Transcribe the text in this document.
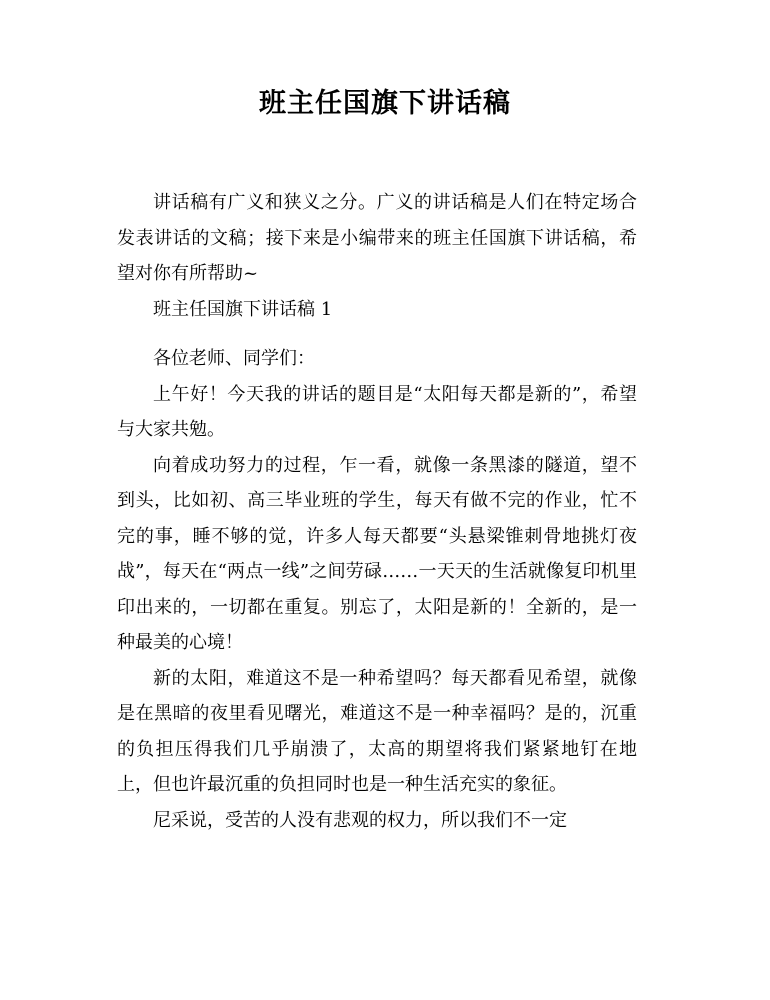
班主任国旗下讲话稿

讲话稿有广义和狭义之分。广义的讲话稿是人们在特定场合发表讲话的文稿；接下来是小编带来的班主任国旗下讲话稿，希望对你有所帮助~

班主任国旗下讲话稿 1

各位老师、同学们：

上午好！今天我的讲话的题目是“太阳每天都是新的”，希望与大家共勉。

向着成功努力的过程，乍一看，就像一条黑漆的隧道，望不到头，比如初、高三毕业班的学生，每天有做不完的作业，忙不完的事，睡不够的觉，许多人每天都要“头悬梁锥刺骨地挑灯夜战”，每天在“两点一线”之间劳碌……一天天的生活就像复印机里印出来的，一切都在重复。别忘了，太阳是新的！全新的，是一种最美的心境！

新的太阳，难道这不是一种希望吗？每天都看见希望，就像是在黑暗的夜里看见曙光，难道这不是一种幸福吗？是的，沉重的负担压得我们几乎崩溃了，太高的期望将我们紧紧地钉在地上，但也许最沉重的负担同时也是一种生活充实的象征。

尼采说，受苦的人没有悲观的权力，所以我们不一定
